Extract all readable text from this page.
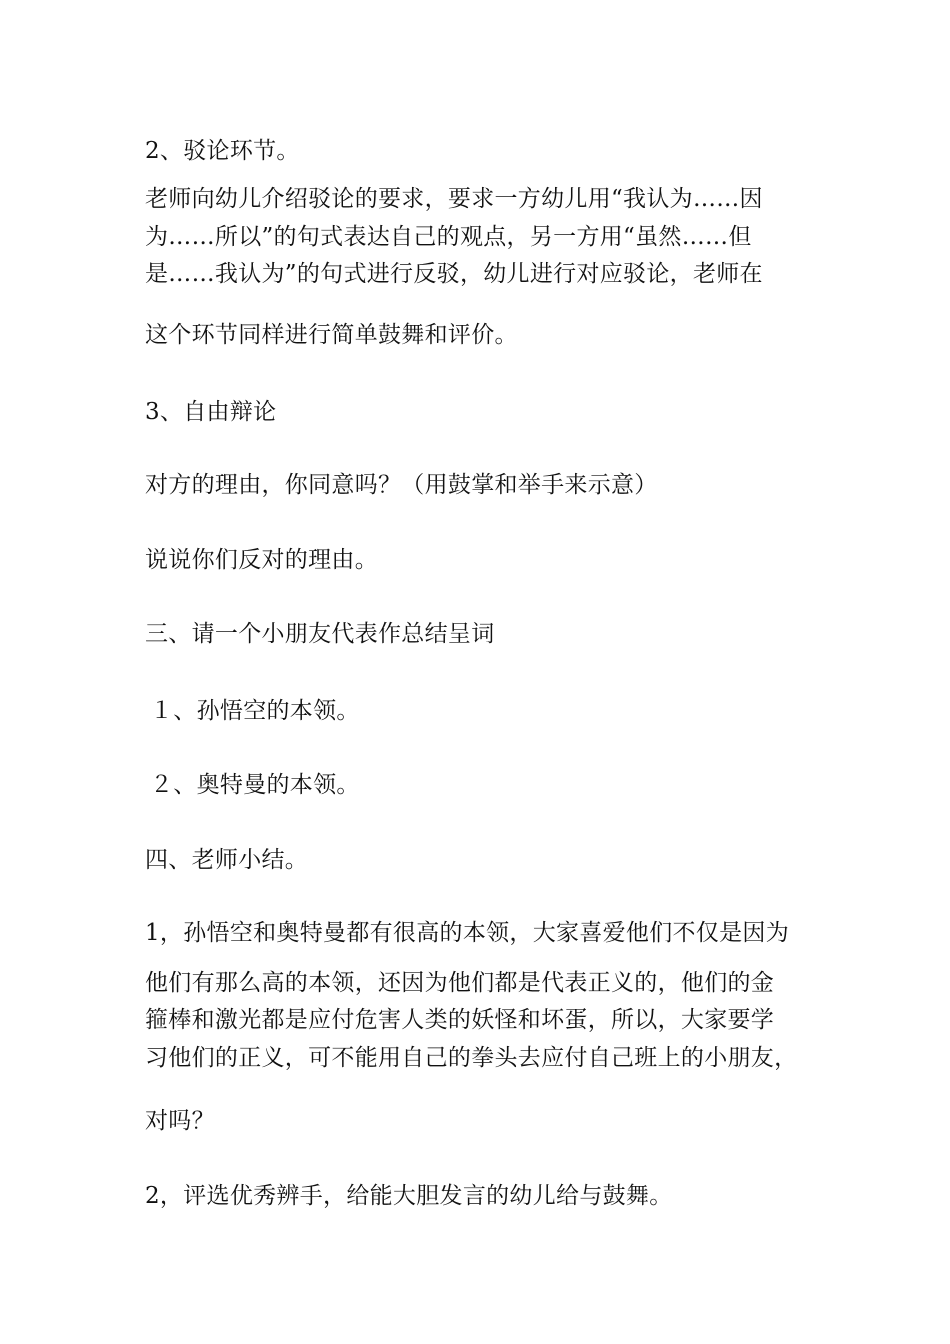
2、驳论环节。
老师向幼儿介绍驳论的要求，要求一方幼儿用“我认为……因
为……所以”的句式表达自己的观点，另一方用“虽然……但
是……我认为”的句式进行反驳，幼儿进行对应驳论，老师在
这个环节同样进行简单鼓舞和评价。
3、自由辩论
对方的理由，你同意吗？（用鼓掌和举手来示意）
说说你们反对的理由。
三、请一个小朋友代表作总结呈词
１、孙悟空的本领。
２、奥特曼的本领。
四、老师小结。
1，孙悟空和奥特曼都有很高的本领，大家喜爱他们不仅是因为
他们有那么高的本领，还因为他们都是代表正义的，他们的金
箍棒和激光都是应付危害人类的妖怪和坏蛋，所以，大家要学
习他们的正义，可不能用自己的拳头去应付自己班上的小朋友，
对吗？
2，评选优秀辨手，给能大胆发言的幼儿给与鼓舞。
